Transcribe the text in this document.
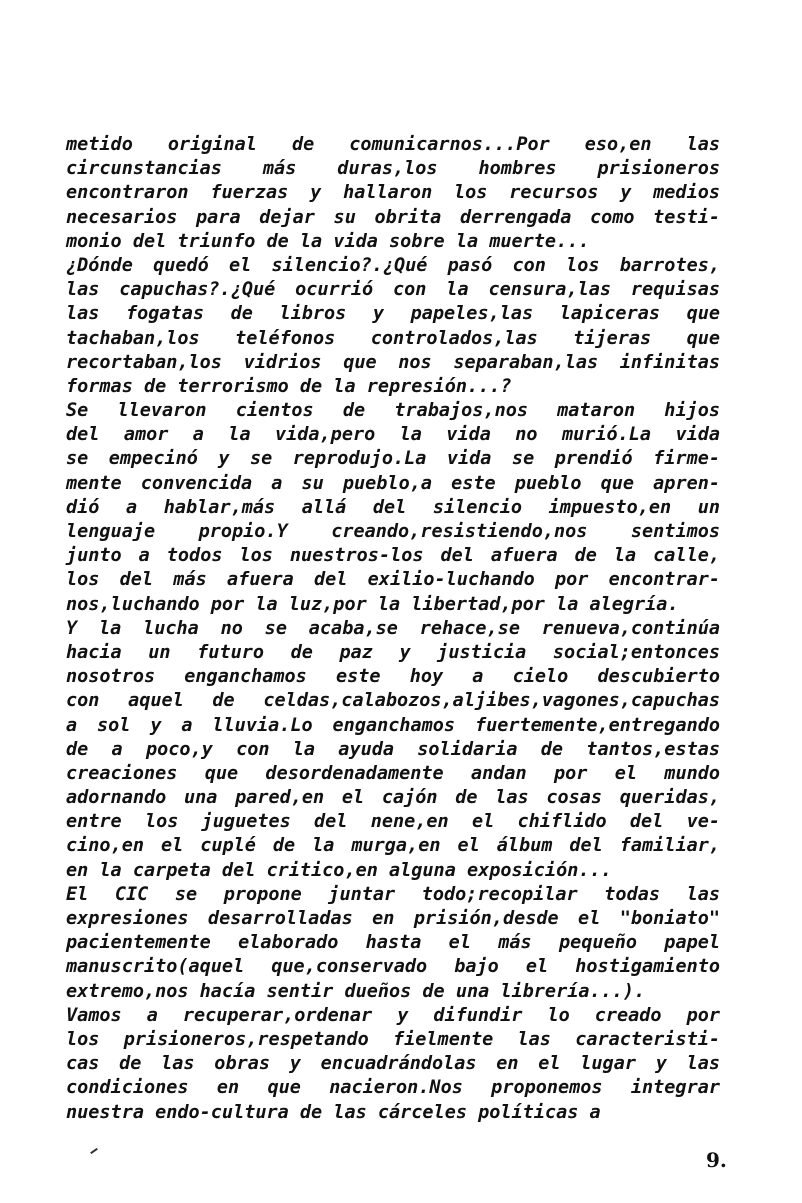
metido original de comunicarnos...Por eso,en las
circunstancias más duras,los hombres prisioneros
encontraron fuerzas y hallaron los recursos y medios
necesarios para dejar su obrita derrengada como testi-
monio del triunfo de la vida sobre la muerte...
¿Dónde quedó el silencio?.¿Qué pasó con los barrotes,
las capuchas?.¿Qué ocurrió con la censura,las requisas
las fogatas de libros y papeles,las lapiceras que
tachaban,los teléfonos controlados,las tijeras que
recortaban,los vidrios que nos separaban,las infinitas
formas de terrorismo de la represión...?
Se llevaron cientos de trabajos,nos mataron hijos
del amor a la vida,pero la vida no murió.La vida
se empecinó y se reprodujo.La vida se prendió firme-
mente convencida a su pueblo,a este pueblo que apren-
dió a hablar,más allá del silencio impuesto,en un
lenguaje propio.Y creando,resistiendo,nos sentimos
junto a todos los nuestros-los del afuera de la calle,
los del más afuera del exilio-luchando por encontrar-
nos,luchando por la luz,por la libertad,por la alegría.
Y la lucha no se acaba,se rehace,se renueva,continúa
hacia un futuro de paz y justicia social;entonces
nosotros enganchamos este hoy a cielo descubierto
con aquel de celdas,calabozos,aljibes,vagones,capuchas
a sol y a lluvia.Lo enganchamos fuertemente,entregando
de a poco,y con la ayuda solidaria de tantos,estas
creaciones que desordenadamente andan por el mundo
adornando una pared,en el cajón de las cosas queridas,
entre los juguetes del nene,en el chiflido del ve-
cino,en el cuplé de la murga,en el álbum del familiar,
en la carpeta del critico,en alguna exposición...
El CIC se propone juntar todo;recopilar todas las
expresiones desarrolladas en prisión,desde el "boniato"
pacientemente elaborado hasta el más pequeño papel
manuscrito(aquel que,conservado bajo el hostigamiento
extremo,nos hacía sentir dueños de una librería...).
Vamos a recuperar,ordenar y difundir lo creado por
los prisioneros,respetando fielmente las caracteristi-
cas de las obras y encuadrándolas en el lugar y las
condiciones en que nacieron.Nos proponemos integrar
nuestra endo-cultura de las cárceles políticas a
9.
